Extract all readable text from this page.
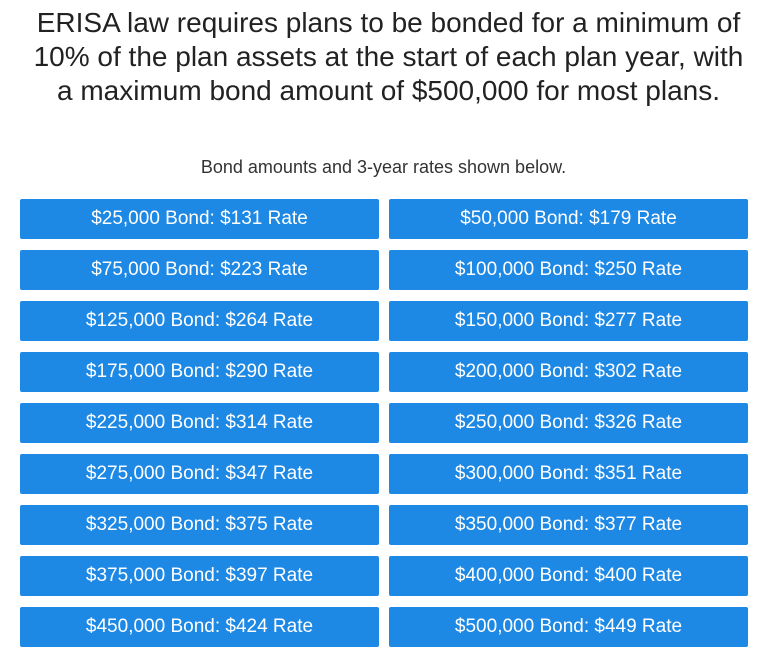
ERISA law requires plans to be bonded for a minimum of
10% of the plan assets at the start of each plan year, with
a maximum bond amount of $500,000 for most plans.
Bond amounts and 3-year rates shown below.
$25,000 Bond: $131 Rate	$50,000 Bond: $179 Rate
$75,000 Bond: $223 Rate	$100,000 Bond: $250 Rate
$125,000 Bond: $264 Rate	$150,000 Bond: $277 Rate
$175,000 Bond: $290 Rate	$200,000 Bond: $302 Rate
$225,000 Bond: $314 Rate	$250,000 Bond: $326 Rate
$275,000 Bond: $347 Rate	$300,000 Bond: $351 Rate
$325,000 Bond: $375 Rate	$350,000 Bond: $377 Rate
$375,000 Bond: $397 Rate	$400,000 Bond: $400 Rate
$450,000 Bond: $424 Rate	$500,000 Bond: $449 Rate
